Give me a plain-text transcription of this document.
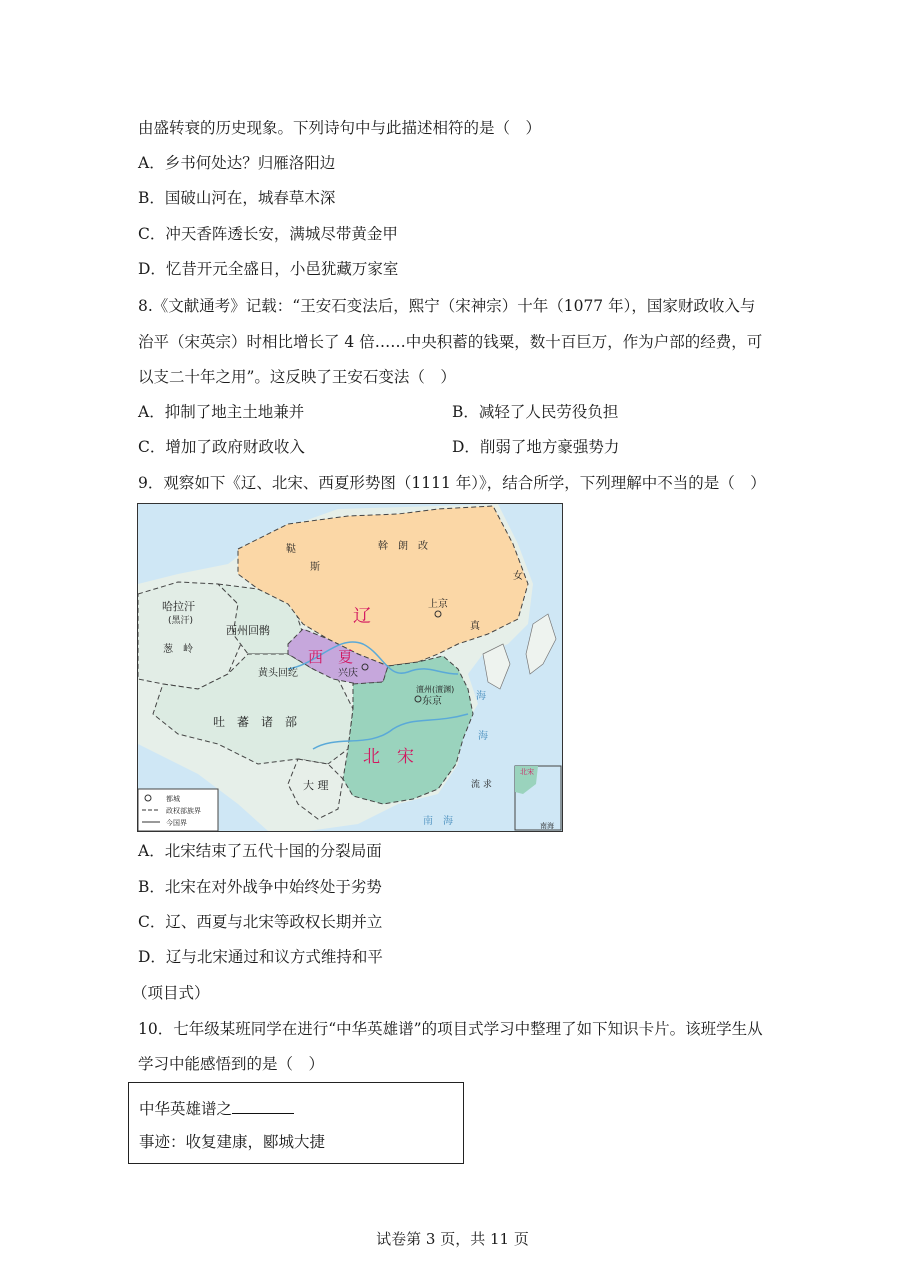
由盛转衰的历史现象。下列诗句中与此描述相符的是（　）
A．乡书何处达？归雁洛阳边
B．国破山河在，城春草木深
C．冲天香阵透长安，满城尽带黄金甲
D．忆昔开元全盛日，小邑犹藏万家室
8.《文献通考》记载：“王安石变法后，熙宁（宋神宗）十年（1077 年），国家财政收入与
治平（宋英宗）时相比增长了 4 倍……中央积蓄的钱粟，数十百巨万，作为户部的经费，可
以支二十年之用”。这反映了王安石变法（　）
A．抑制了地主土地兼并	B．减轻了人民劳役负担
C．增加了政府财政收入	D．削弱了地方豪强势力
9．观察如下《辽、北宋、西夏形势图（1111 年）》，结合所学，下列理解中不当的是（　）
辽
西　夏
北　宋
兴庆
上京
东京
澶州(澶渊)
吐　蕃　诸　部
黄头回纥
西州回鹘
哈拉汗
(黑汗)
葱　岭
大 理
鞑
斯
斡　朗　改
女
真
海
海
南　海
流 求
南海
北宋
都城
政权部族界
今国界
A．北宋结束了五代十国的分裂局面
B．北宋在对外战争中始终处于劣势
C．辽、西夏与北宋等政权长期并立
D．辽与北宋通过和议方式维持和平
（项目式）
10．七年级某班同学在进行“中华英雄谱”的项目式学习中整理了如下知识卡片。该班学生从
学习中能感悟到的是（　）
中华英雄谱之
事迹：收复建康，郾城大捷
试卷第 3 页，共 11 页
